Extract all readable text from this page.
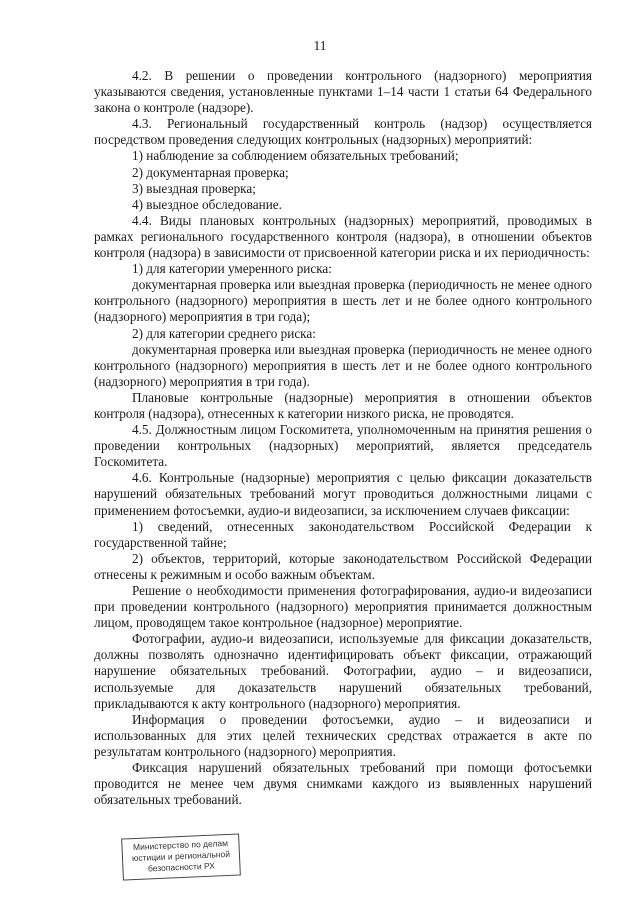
11

4.2. В решении о проведении контрольного (надзорного) мероприятия указываются сведения, установленные пунктами 1–14 части 1 статьи 64 Федерального закона о контроле (надзоре).

4.3. Региональный государственный контроль (надзор) осуществляется посредством проведения следующих контрольных (надзорных) мероприятий:

1) наблюдение за соблюдением обязательных требований;

2) документарная проверка;

3) выездная проверка;

4) выездное обследование.

4.4. Виды плановых контрольных (надзорных) мероприятий, проводимых в рамках регионального государственного контроля (надзора), в отношении объектов контроля (надзора) в зависимости от присвоенной категории риска и их периодичность:

1) для категории умеренного риска:

документарная проверка или выездная проверка (периодичность не менее одного контрольного (надзорного) мероприятия в шесть лет и не более одного контрольного (надзорного) мероприятия в три года);

2) для категории среднего риска:

документарная проверка или выездная проверка (периодичность не менее одного контрольного (надзорного) мероприятия в шесть лет и не более одного контрольного (надзорного) мероприятия в три года).

Плановые контрольные (надзорные) мероприятия в отношении объектов контроля (надзора), отнесенных к категории низкого риска, не проводятся.

4.5. Должностным лицом Госкомитета, уполномоченным на принятия решения о проведении контрольных (надзорных) мероприятий, является председатель Госкомитета.

4.6. Контрольные (надзорные) мероприятия с целью фиксации доказательств нарушений обязательных требований могут проводиться должностными лицами с применением фотосъемки, аудио-и видеозаписи, за исключением случаев фиксации:

1) сведений, отнесенных законодательством Российской Федерации к государственной тайне;

2) объектов, территорий, которые законодательством Российской Федерации отнесены к режимным и особо важным объектам.

Решение о необходимости применения фотографирования, аудио-и видеозаписи при проведении контрольного (надзорного) мероприятия принимается должностным лицом, проводящем такое контрольное (надзорное) мероприятие.

Фотографии, аудио-и видеозаписи, используемые для фиксации доказательств, должны позволять однозначно идентифицировать объект фиксации, отражающий нарушение обязательных требований. Фотографии, аудио – и видеозаписи, используемые для доказательств нарушений обязательных требований, прикладываются к акту контрольного (надзорного) мероприятия.

Информация о проведении фотосъемки, аудио – и видеозаписи и использованных для этих целей технических средствах отражается в акте по результатам контрольного (надзорного) мероприятия.

Фиксация нарушений обязательных требований при помощи фотосъемки проводится не менее чем двумя снимками каждого из выявленных нарушений обязательных требований.

Министерство по делам
юстиции и региональной
безопасности РХ
